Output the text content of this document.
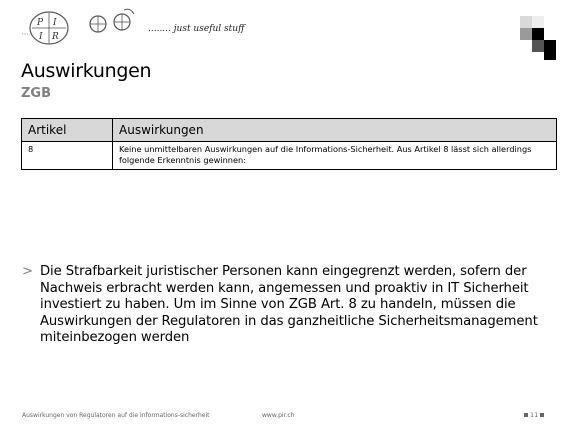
P I
I R
........ just useful stuff
Auswirkungen
ZGB
Artikel	Auswirkungen
8	Keine unmittelbaren Auswirkungen auf die Informations-Sicherheit. Aus Artikel 8 lässt sich allerdings folgende Erkenntnis gewinnen:
> Die Strafbarkeit juristischer Personen kann eingegrenzt werden, sofern der Nachweis erbracht werden kann, angemessen und proaktiv in IT Sicherheit investiert zu haben. Um im Sinne von ZGB Art. 8 zu handeln, müssen die Auswirkungen der Regulatoren in das ganzheitliche Sicherheitsmanagement miteinbezogen werden
Auswirkungen von Regulatoren auf die Informations-sicherheit	www.pir.ch	11
